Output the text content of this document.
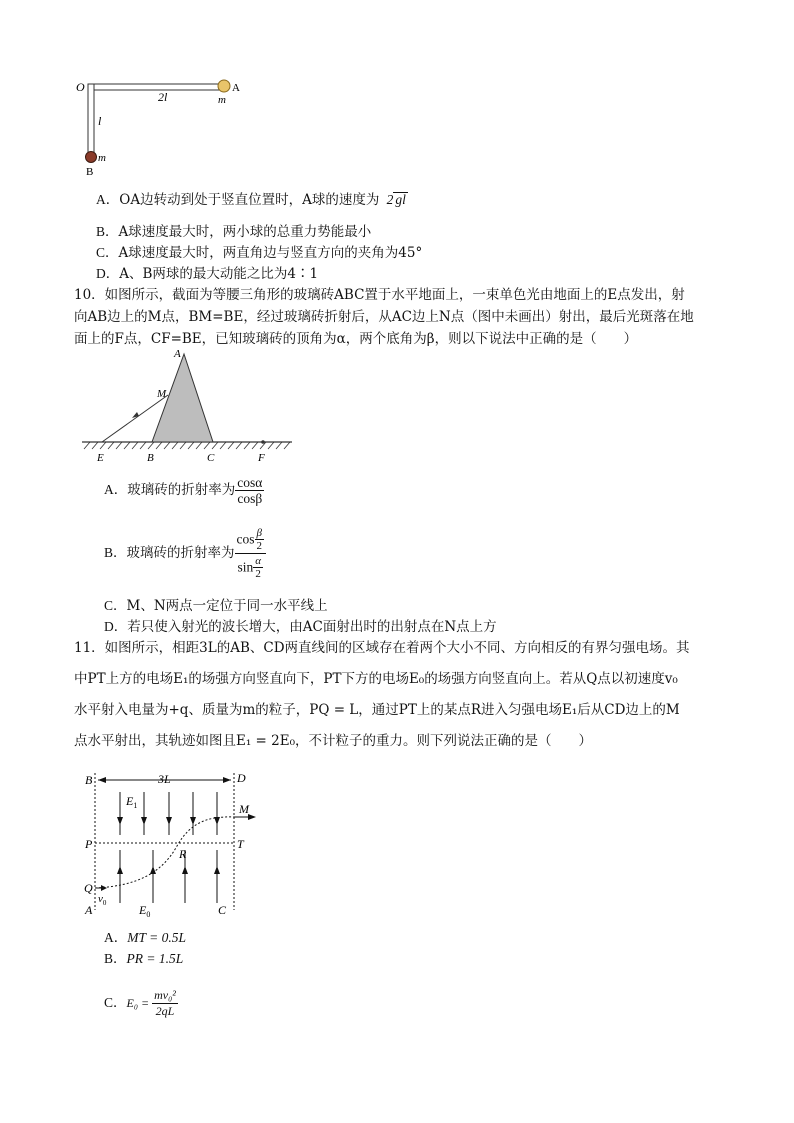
O	A
2l	m
l
m
B
A．OA边转动到处于竖直位置时，A球的速度为 2 gl
B．A球速度最大时，两小球的总重力势能最小
C．A球速度最大时，两直角边与竖直方向的夹角为45°
D．A、B两球的最大动能之比为4∶1
10．如图所示，截面为等腰三角形的玻璃砖ABC置于水平地面上，一束单色光由地面上的E点发出，射
向AB边上的M点，BM=BE，经过玻璃砖折射后，从AC边上N点（图中未画出）射出，最后光斑落在地
面上的F点，CF=BE，已知玻璃砖的顶角为α，两个底角为β，则以下说法中正确的是（　　）
A
M
E	B	C	F
A．玻璃砖的折射率为 $\frac{\cos\alpha}{\cos\beta}$
B．玻璃砖的折射率为 $\frac{\cos \frac{\beta}{2}}{\sin \frac{\alpha}{2}}$
C．M、N两点一定位于同一水平线上
D．若只使入射光的波长增大，由AC面射出时的出射点在N点上方
11．如图所示，相距3L的AB、CD两直线间的区域存在着两个大小不同、方向相反的有界匀强电场。其
中PT上方的电场E₁的场强方向竖直向下，PT下方的电场E₀的场强方向竖直向上。若从Q点以初速度v₀
水平射入电量为+q、质量为m的粒子，PQ = L，通过PT上的某点R进入匀强电场E₁后从CD边上的M
点水平射出，其轨迹如图且E₁ = 2E₀，不计粒子的重力。则下列说法正确的是（　　）
B	D
3L
$E_1$	M
P	T
R
Q
$v_0$
A	$E_0$	C
A．MT = 0.5L
B．PR = 1.5L
C．$E_0 = \frac{\text{mv₀²}}{2qL}$
